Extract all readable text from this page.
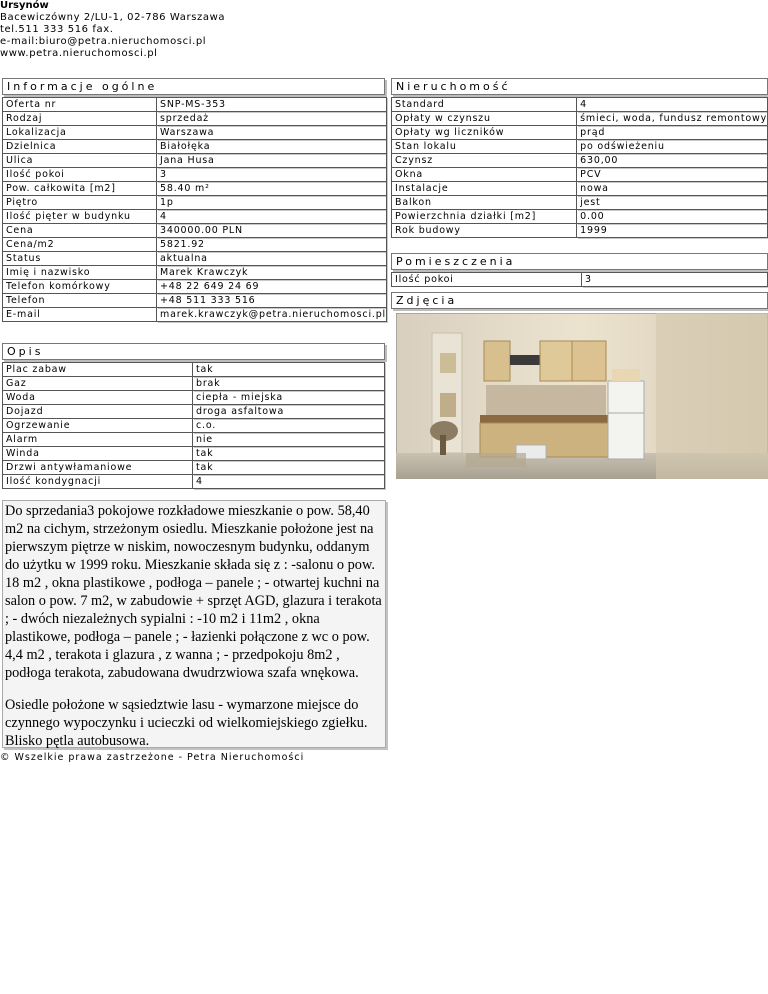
Ursynów
Bacewiczówny 2/LU-1, 02-786 Warszawa
tel.511 333 516 fax.
e-mail:biuro@petra.nieruchomosci.pl
www.petra.nieruchomosci.pl
Informacje ogólne
Oferta nr	SNP-MS-353
Rodzaj	sprzedaż
Lokalizacja	Warszawa
Dzielnica	Białołęka
Ulica	Jana Husa
Ilość pokoi	3
Pow. całkowita [m2]	58.40 m²
Piętro	1p
Ilość pięter w budynku	4
Cena	340000.00 PLN
Cena/m2	5821.92
Status	aktualna
Imię i nazwisko	Marek Krawczyk
Telefon komórkowy	+48 22 649 24 69
Telefon	+48 511 333 516
E-mail	marek.krawczyk@petra.nieruchomosci.pl
Nieruchomość
Standard	4
Opłaty w czynszu	śmieci, woda, fundusz remontowy
Opłaty wg liczników	prąd
Stan lokalu	po odświeżeniu
Czynsz	630,00
Okna	PCV
Instalacje	nowa
Balkon	jest
Powierzchnia działki [m2]	0.00
Rok budowy	1999
Pomieszczenia
Ilość pokoi	3
Zdjęcia
Opis
Plac zabaw	tak
Gaz	brak
Woda	ciepła - miejska
Dojazd	droga asfaltowa
Ogrzewanie	c.o.
Alarm	nie
Winda	tak
Drzwi antywłamaniowe	tak
Ilość kondygnacji	4

Do sprzedania3 pokojowe rozkładowe mieszkanie o pow. 58,40 m2 na cichym, strzeżonym osiedlu. Mieszkanie położone jest na pierwszym piętrze w niskim, nowoczesnym budynku, oddanym do użytku w 1999 roku. Mieszkanie składa się z : -salonu o pow. 18 m2 , okna plastikowe , podłoga – panele ; - otwartej kuchni na salon o pow. 7 m2, w zabudowie + sprzęt AGD, glazura i terakota ; - dwóch niezależnych sypialni : -10 m2 i 11m2 , okna plastikowe, podłoga – panele ; - łazienki połączone z wc o pow. 4,4 m2 , terakota i glazura , z wanna ; - przedpokoju 8m2 , podłoga terakota, zabudowana dwudrzwiowa szafa wnękowa.

Osiedle położone w sąsiedztwie lasu - wymarzone miejsce do czynnego wypoczynku i ucieczki od wielkomiejskiego zgiełku. Blisko pętla autobusowa.

© Wszelkie prawa zastrzeżone - Petra Nieruchomości
